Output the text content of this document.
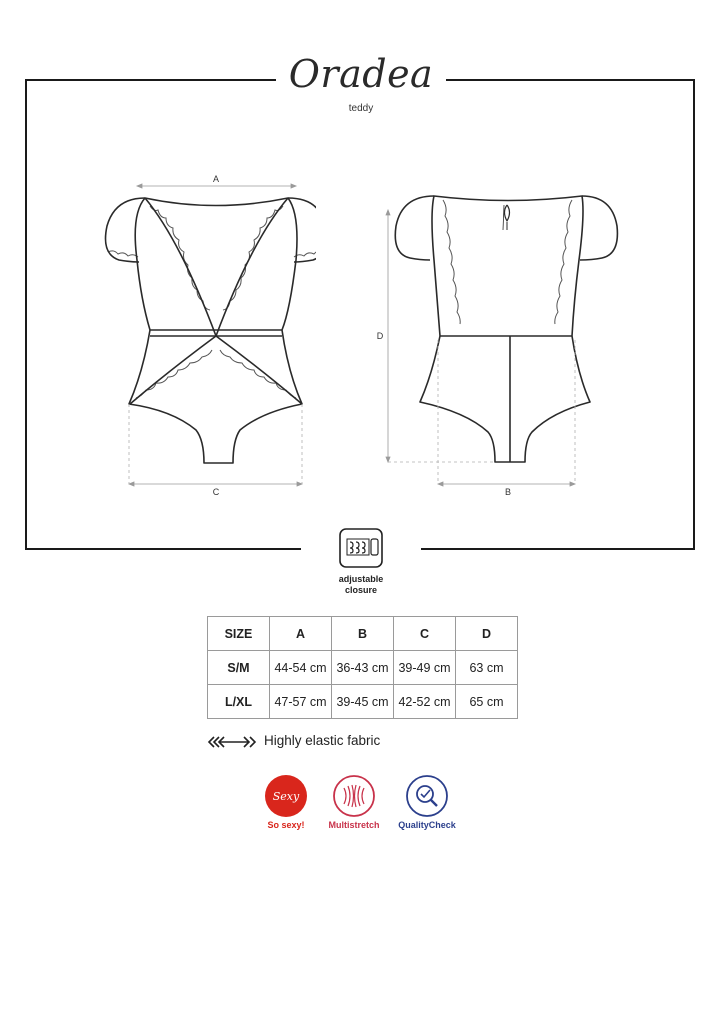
Oradea
teddy
A
C
D
B
adjustable
closure
SIZE	A	B	C	D
S/M	44-54 cm	36-43 cm	39-49 cm	63 cm
L/XL	47-57 cm	39-45 cm	42-52 cm	65 cm
Highly elastic fabric
Sexy
So sexy!	Multistretch	QualityCheck
